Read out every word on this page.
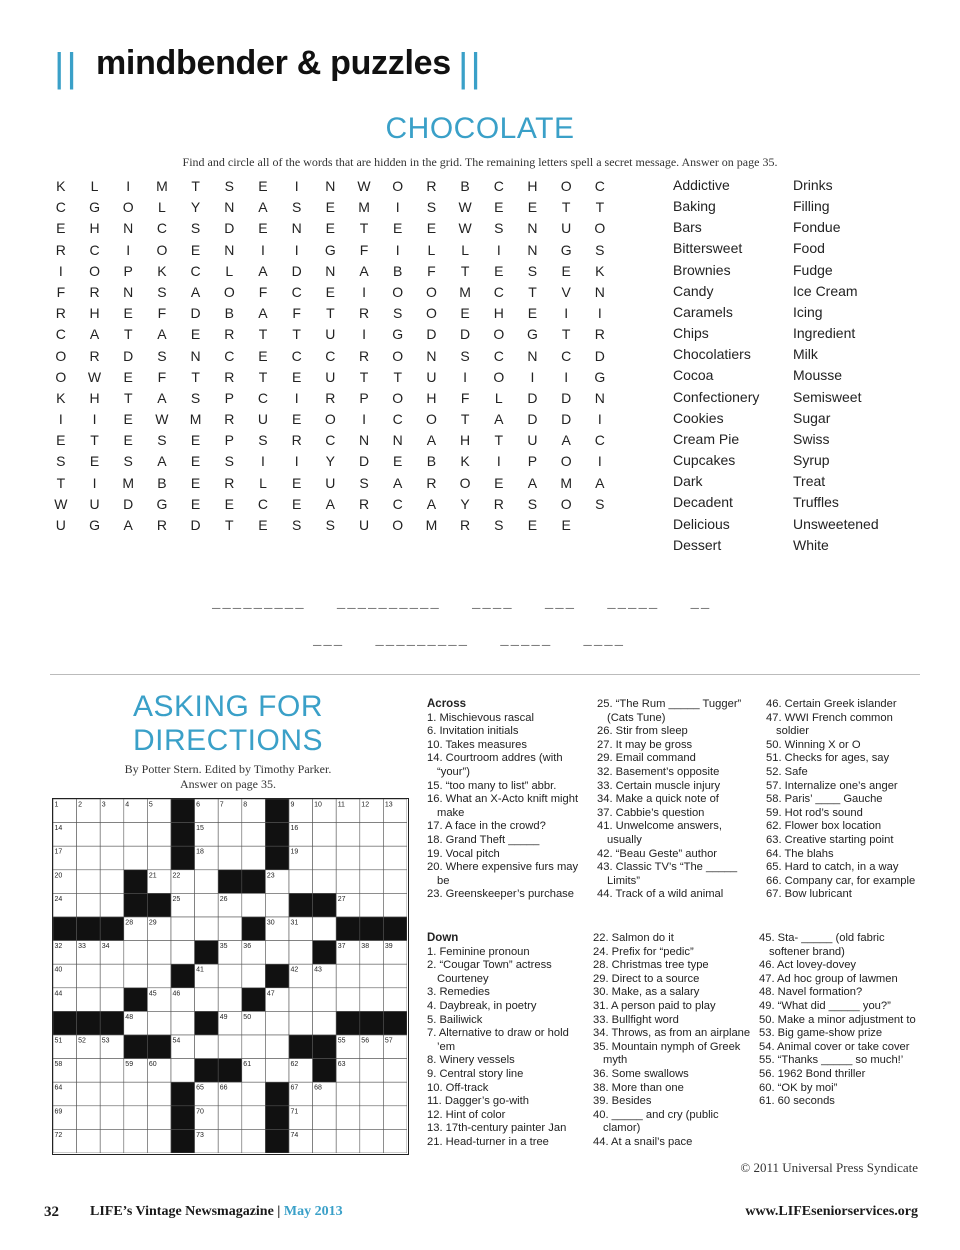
|| mindbender & puzzles ||
CHOCOLATE
Find and circle all of the words that are hidden in the grid. The remaining letters spell a secret message. Answer on page 35.
K	L	I	M	T	S	E	I	N	W	O	R	B	C	H	O	C
C	G	O	L	Y	N	A	S	E	M	I	S	W	E	E	T	T
E	H	N	C	S	D	E	N	E	T	E	E	W	S	N	U	O
R	C	I	O	E	N	I	I	G	F	I	L	L	I	N	G	S
I	O	P	K	C	L	A	D	N	A	B	F	T	E	S	E	K
F	R	N	S	A	O	F	C	E	I	O	O	M	C	T	V	N
R	H	E	F	D	B	A	F	T	R	S	O	E	H	E	I	I
C	A	T	A	E	R	T	T	U	I	G	D	D	O	G	T	R
O	R	D	S	N	C	E	C	C	R	O	N	S	C	N	C	D
O	W	E	F	T	R	T	E	U	T	T	U	I	O	I	I	G
K	H	T	A	S	P	C	I	R	P	O	H	F	L	D	D	N
I	I	E	W	M	R	U	E	O	I	C	O	T	A	D	D	I
E	T	E	S	E	P	S	R	C	N	N	A	H	T	U	A	C
S	E	S	A	E	S	I	I	Y	D	E	B	K	I	P	O	I
T	I	M	B	E	R	L	E	U	S	A	R	O	E	A	M	A
W	U	D	G	E	E	C	E	A	R	C	A	Y	R	S	O	S
U	G	A	R	D	T	E	S	S	U	O	M	R	S	E	E
Addictive
Baking
Bars
Bittersweet
Brownies
Candy
Caramels
Chips
Chocolatiers
Cocoa
Confectionery
Cookies
Cream Pie
Cupcakes
Dark
Decadent
Delicious
Dessert
Drinks
Filling
Fondue
Food
Fudge
Ice Cream
Icing
Ingredient
Milk
Mousse
Semisweet
Sugar
Swiss
Syrup
Treat
Truffles
Unsweetened
White
_________   __________   ____   ___   _____   __
___   _________   _____   ____
ASKING FOR
DIRECTIONS
By Potter Stern. Edited by Timothy Parker.
Answer on page 35.
1	2	3	4	5	6	7	8	9	10 11 12 13
14	15	16
17	18	19
20	21 22	23
24	25	26	27
28 29	30 31
32 33 34	35 36	37 38 39
40	41	42 43
44	45 46	47
48	49 50
51 52 53	54	55 56 57
58	59 60	61	62	63
64	65 66	67 68
69	70	71
72	73	74
Across
1. Mischievous rascal
6. Invitation initials
10. Takes measures
14. Courtroom addres (with “your”)
15. “too many to list” abbr.
16. What an X-Acto knift might make
17. A face in the crowd?
18. Grand Theft _____
19. Vocal pitch
20. Where expensive furs may be
23. Greenskeeper’s purchase
25. “The Rum _____ Tugger” (Cats Tune)
26. Stir from sleep
27. It may be gross
29. Email command
32. Basement’s opposite
33. Certain muscle injury
34. Make a quick note of
37. Cabbie’s question
41. Unwelcome answers, usually
42. “Beau Geste” author
43. Classic TV’s “The _____ Limits”
44. Track of a wild animal
46. Certain Greek islander
47. WWI French common soldier
50. Winning X or O
51. Checks for ages, say
52. Safe
57. Internalize one’s anger
58. Paris’ ____ Gauche
59. Hot rod’s sound
62. Flower box location
63. Creative starting point
64. The blahs
65. Hard to catch, in a way
66. Company car, for example
67. Bow lubricant
Down
1. Feminine pronoun
2. “Cougar Town” actress Courteney
3. Remedies
4. Daybreak, in poetry
5. Bailiwick
7. Alternative to draw or hold ’em
8. Winery vessels
9. Central story line
10. Off-track
11. Dagger’s go-with
12. Hint of color
13. 17th-century painter Jan
21. Head-turner in a tree
22. Salmon do it
24. Prefix for “pedic”
28. Christmas tree type
29. Direct to a source
30. Make, as a salary
31. A person paid to play
33. Bullfight word
34. Throws, as from an airplane
35. Mountain nymph of Greek myth
36. Some swallows
38. More than one
39. Besides
40. _____ and cry (public clamor)
44. At a snail’s pace
45. Sta- _____ (old fabric softener brand)
46. Act lovey-dovey
47. Ad hoc group of lawmen
48. Navel formation?
49. “What did _____ you?”
50. Make a minor adjustment to
53. Big game-show prize
54. Animal cover or take cover
55. “Thanks _____ so much!’
56. 1962 Bond thriller
60. “OK by moi”
61. 60 seconds
© 2011 Universal Press Syndicate
32 LIFE’s Vintage Newsmagazine | May 2013	www.LIFEseniorservices.org
